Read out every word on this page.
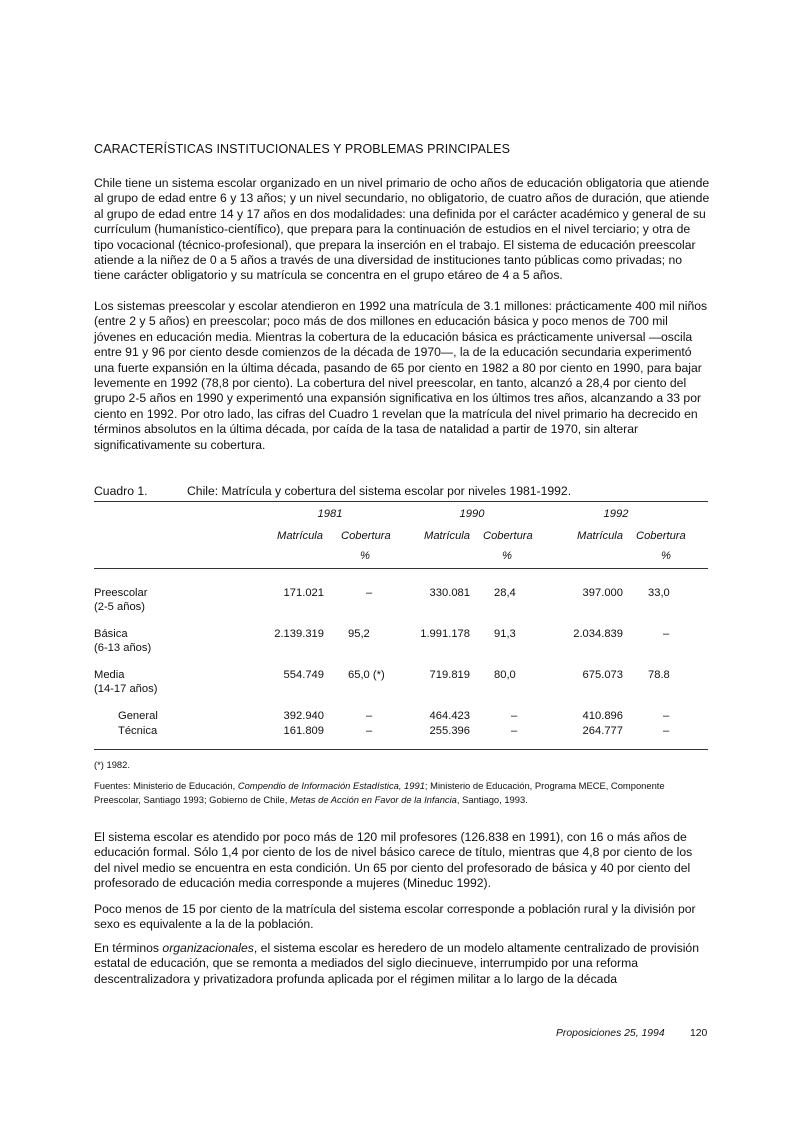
CARACTERÍSTICAS INSTITUCIONALES Y PROBLEMAS PRINCIPALES

Chile tiene un sistema escolar organizado en un nivel primario de ocho años de educación obligatoria que atiende al grupo de edad entre 6 y 13 años; y un nivel secundario, no obligatorio, de cuatro años de duración, que atiende al grupo de edad entre 14 y 17 años en dos modalidades: una definida por el carácter académico y general de su currículum (humanístico-científico), que prepara para la continuación de estudios en el nivel terciario; y otra de tipo vocacional (técnico-profesional), que prepara la inserción en el trabajo. El sistema de educación preescolar atiende a la niñez de 0 a 5 años a través de una diversidad de instituciones tanto públicas como privadas; no tiene carácter obligatorio y su matrícula se concentra en el grupo etáreo de 4 a 5 años.

Los sistemas preescolar y escolar atendieron en 1992 una matrícula de 3.1 millones: prácticamente 400 mil niños (entre 2 y 5 años) en preescolar; poco más de dos millones en educación básica y poco menos de 700 mil jóvenes en educación media. Mientras la cobertura de la educación básica es prácticamente universal —oscila entre 91 y 96 por ciento desde comienzos de la década de 1970—, la de la educación secundaria experimentó una fuerte expansión en la última década, pasando de 65 por ciento en 1982 a 80 por ciento en 1990, para bajar levemente en 1992 (78,8 por ciento). La cobertura del nivel preescolar, en tanto, alcanzó a 28,4 por ciento del grupo 2-5 años en 1990 y experimentó una expansión significativa en los últimos tres años, alcanzando a 33 por ciento en 1992. Por otro lado, las cifras del Cuadro 1 revelan que la matrícula del nivel primario ha decrecido en términos absolutos en la última década, por caída de la tasa de natalidad a partir de 1970, sin alterar significativamente su cobertura.

Cuadro 1.	Chile: Matrícula y cobertura del sistema escolar por niveles 1981-1992.
1981	1990	1992
Matrícula Cobertura	Matrícula Cobertura	Matrícula Cobertura
%	%	%
Preescolar
(2-5 años)
171.021	–	330.081 28,4	397.000 33,0
Básica
(6-13 años)
2.139.319 95,2	1.991.178 91,3	2.034.839	–
Media
(14-17 años)
554.749 65,0 (*)	719.819 80,0	675.073 78.8
General	392.940	–	464.423	–	410.896	–
Técnica	161.809	–	255.396	–	264.777	–
(*) 1982.
Fuentes: Ministerio de Educación, Compendio de Información Estadística, 1991; Ministerio de Educación, Programa MECE, Componente Preescolar, Santiago 1993; Gobierno de Chile, Metas de Acción en Favor de la Infancia, Santiago, 1993.

El sistema escolar es atendido por poco más de 120 mil profesores (126.838 en 1991), con 16 o más años de educación formal. Sólo 1,4 por ciento de los de nivel básico carece de título, mientras que 4,8 por ciento de los del nivel medio se encuentra en esta condición. Un 65 por ciento del profesorado de básica y 40 por ciento del profesorado de educación media corresponde a mujeres (Mineduc 1992).

Poco menos de 15 por ciento de la matrícula del sistema escolar corresponde a población rural y la división por sexo es equivalente a la de la población.

En términos organizacionales, el sistema escolar es heredero de un modelo altamente centralizado de provisión estatal de educación, que se remonta a mediados del siglo diecinueve, interrumpido por una reforma descentralizadora y privatizadora profunda aplicada por el régimen militar a lo largo de la década

Proposiciones 25, 1994 120
